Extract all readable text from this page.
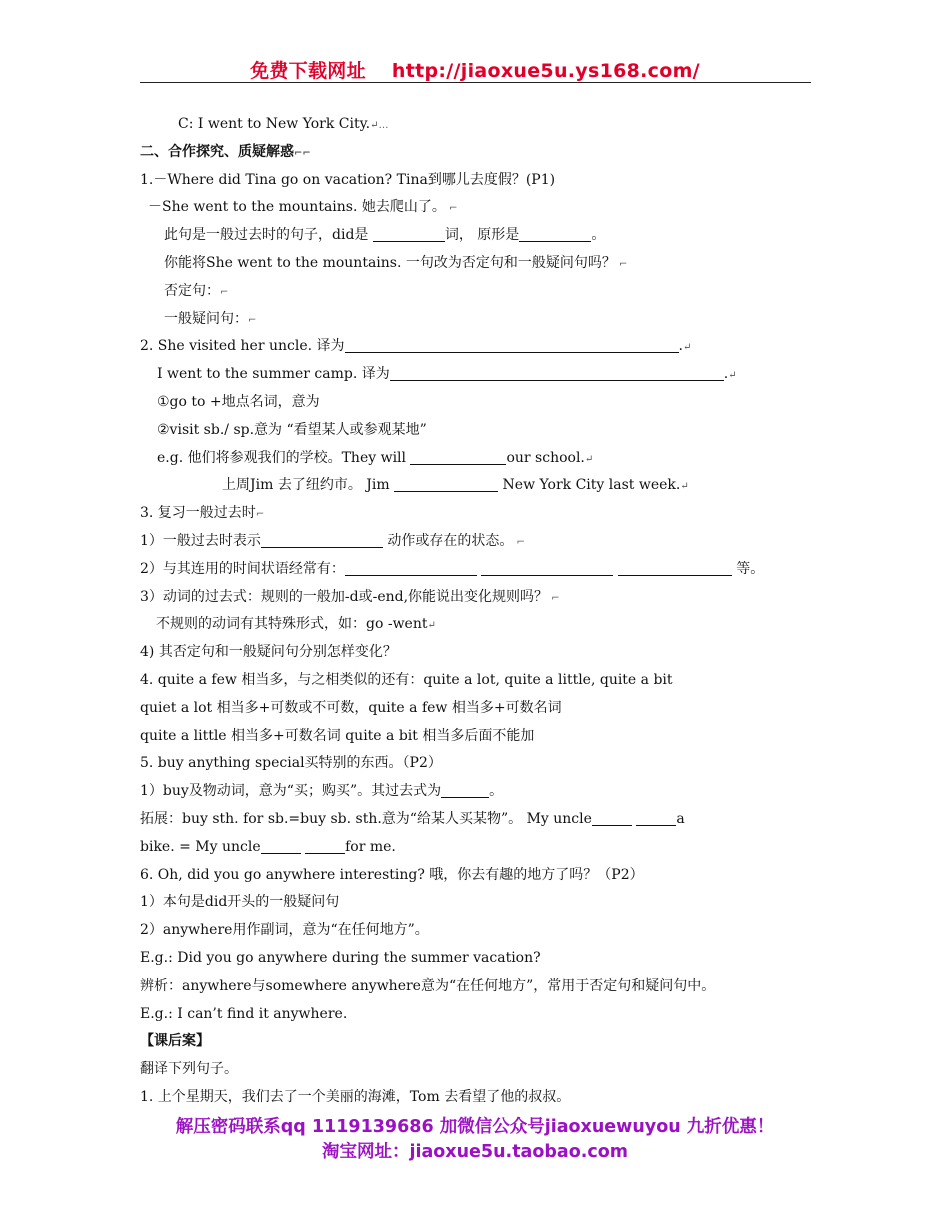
免费下载网址 http://jiaoxue5u.ys168.com/
C: I went to New York City.↵…
二、合作探究、质疑解惑⌐⌐
1.－Where did Tina go on vacation? Tina到哪儿去度假？(P1)
－She went to the mountains. 她去爬山了。 ⌐
此句是一般过去时的句子，did是	词， 原形是	。
你能将She went to the mountains. 一句改为否定句和一般疑问句吗？ ⌐
否定句：⌐
一般疑问句：⌐
2. She visited her uncle. 译为	.↵
I went to the summer camp. 译为	.↵
①go to +地点名词，意为
②visit sb./ sp.意为 “看望某人或参观某地”
e.g. 他们将参观我们的学校。They will	our school.↵
上周Jim 去了纽约市。 Jim	New York City last week.↵
3. 复习一般过去时⌐
1）一般过去时表示	动作或存在的状态。 ⌐
2）与其连用的时间状语经常有：	等。
3）动词的过去式：规则的一般加-d或-end,你能说出变化规则吗？ ⌐
不规则的动词有其特殊形式，如：go -went↵
4) 其否定句和一般疑问句分别怎样变化？
4. quite a few 相当多，与之相类似的还有：quite a lot, quite a little, quite a bit
quiet a lot 相当多+可数或不可数，quite a few 相当多+可数名词
quite a little 相当多+可数名词 quite a bit 相当多后面不能加
5. buy anything special买特别的东西。（P2）
1）buy及物动词，意为“买；购买”。其过去式为	。
拓展：buy sth. for sb.=buy sb. sth.意为“给某人买某物”。 My uncle	a
bike. = My uncle	for me.
6. Oh, did you go anywhere interesting? 哦，你去有趣的地方了吗？（P2）
1）本句是did开头的一般疑问句
2）anywhere用作副词，意为“在任何地方”。
E.g.: Did you go anywhere during the summer vacation?
辨析：anywhere与somewhere anywhere意为“在任何地方”，常用于否定句和疑问句中。
E.g.: I can’t find it anywhere.
【课后案】
翻译下列句子。
1. 上个星期天，我们去了一个美丽的海滩，Tom 去看望了他的叔叔。
解压密码联系qq 1119139686 加微信公众号jiaoxuewuyou 九折优惠！
淘宝网址：jiaoxue5u.taobao.com
